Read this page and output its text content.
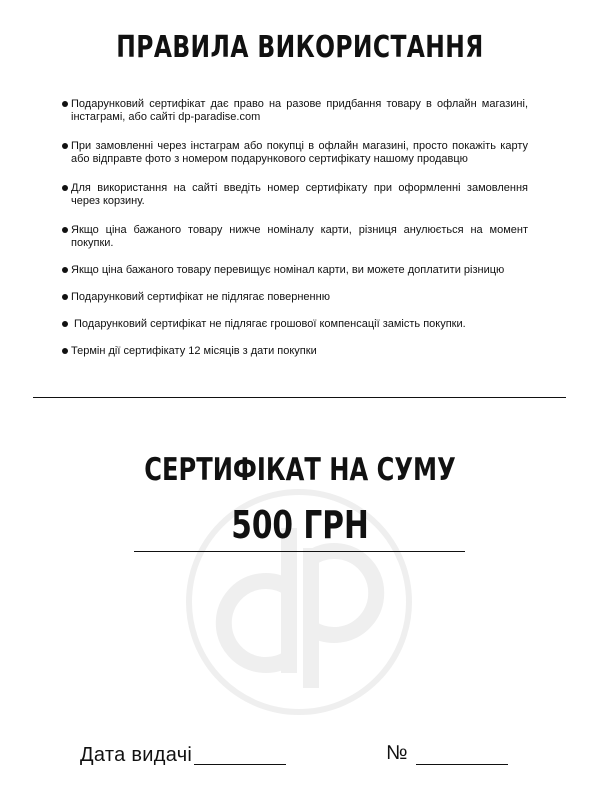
ПРАВИЛА ВИКОРИСТАННЯ
Подарунковий сертифікат дає право на разове придбання товару в офлайн магазині, інстаграмі, або сайті dp-paradise.com
При замовленні через інстаграм або покупці в офлайн магазині, просто покажіть карту або відправте фото з номером подарункового сертифікату нашому продавцю
Для використання на сайті введіть номер сертифікату при оформленні замовлення через корзину.
Якщо ціна бажаного товару нижче номіналу карти, різниця анулюється на момент покупки.
Якщо ціна бажаного товару перевищує номінал карти, ви можете доплатити різницю
Подарунковий сертифікат не підлягає поверненню
Подарунковий сертифікат не підлягає грошової компенсації замість покупки.
Термін дії сертифікату 12 місяців з дати покупки
СЕРТИФІКАТ НА СУМУ
500 ГРН
Дата видачі	№
